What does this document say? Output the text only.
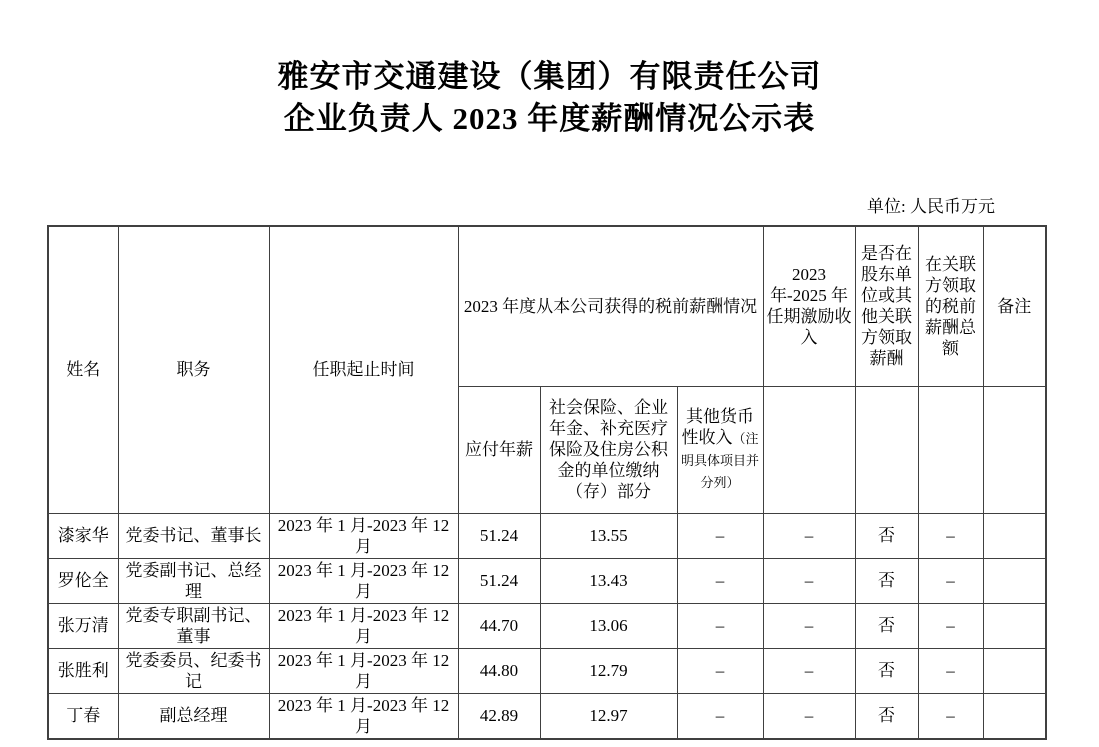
雅安市交通建设（集团）有限责任公司
企业负责人 2023 年度薪酬情况公示表
单位: 人民币万元
姓名	职务	任职起止时间	2023 年度从本公司获得的税前薪酬情况			2023 年-2025 年任期激励收入	是否在股东单位或其他关联方领取薪酬	在关联方领取的税前薪酬总额	备注
			应付年薪	社会保险、企业年金、补充医疗保险及住房公积金的单位缴纳（存）部分	其他货币性收入（注明具体项目并分列）				
漆家华	党委书记、董事长	2023 年 1 月-2023 年 12 月	51.24	13.55	–	–	否	–	
罗伦全	党委副书记、总经理	2023 年 1 月-2023 年 12 月	51.24	13.43	–	–	否	–	
张万清	党委专职副书记、董事	2023 年 1 月-2023 年 12 月	44.70	13.06	–	–	否	–	
张胜利	党委委员、纪委书记	2023 年 1 月-2023 年 12 月	44.80	12.79	–	–	否	–	
丁春	副总经理	2023 年 1 月-2023 年 12 月	42.89	12.97	–	–	否	–	
